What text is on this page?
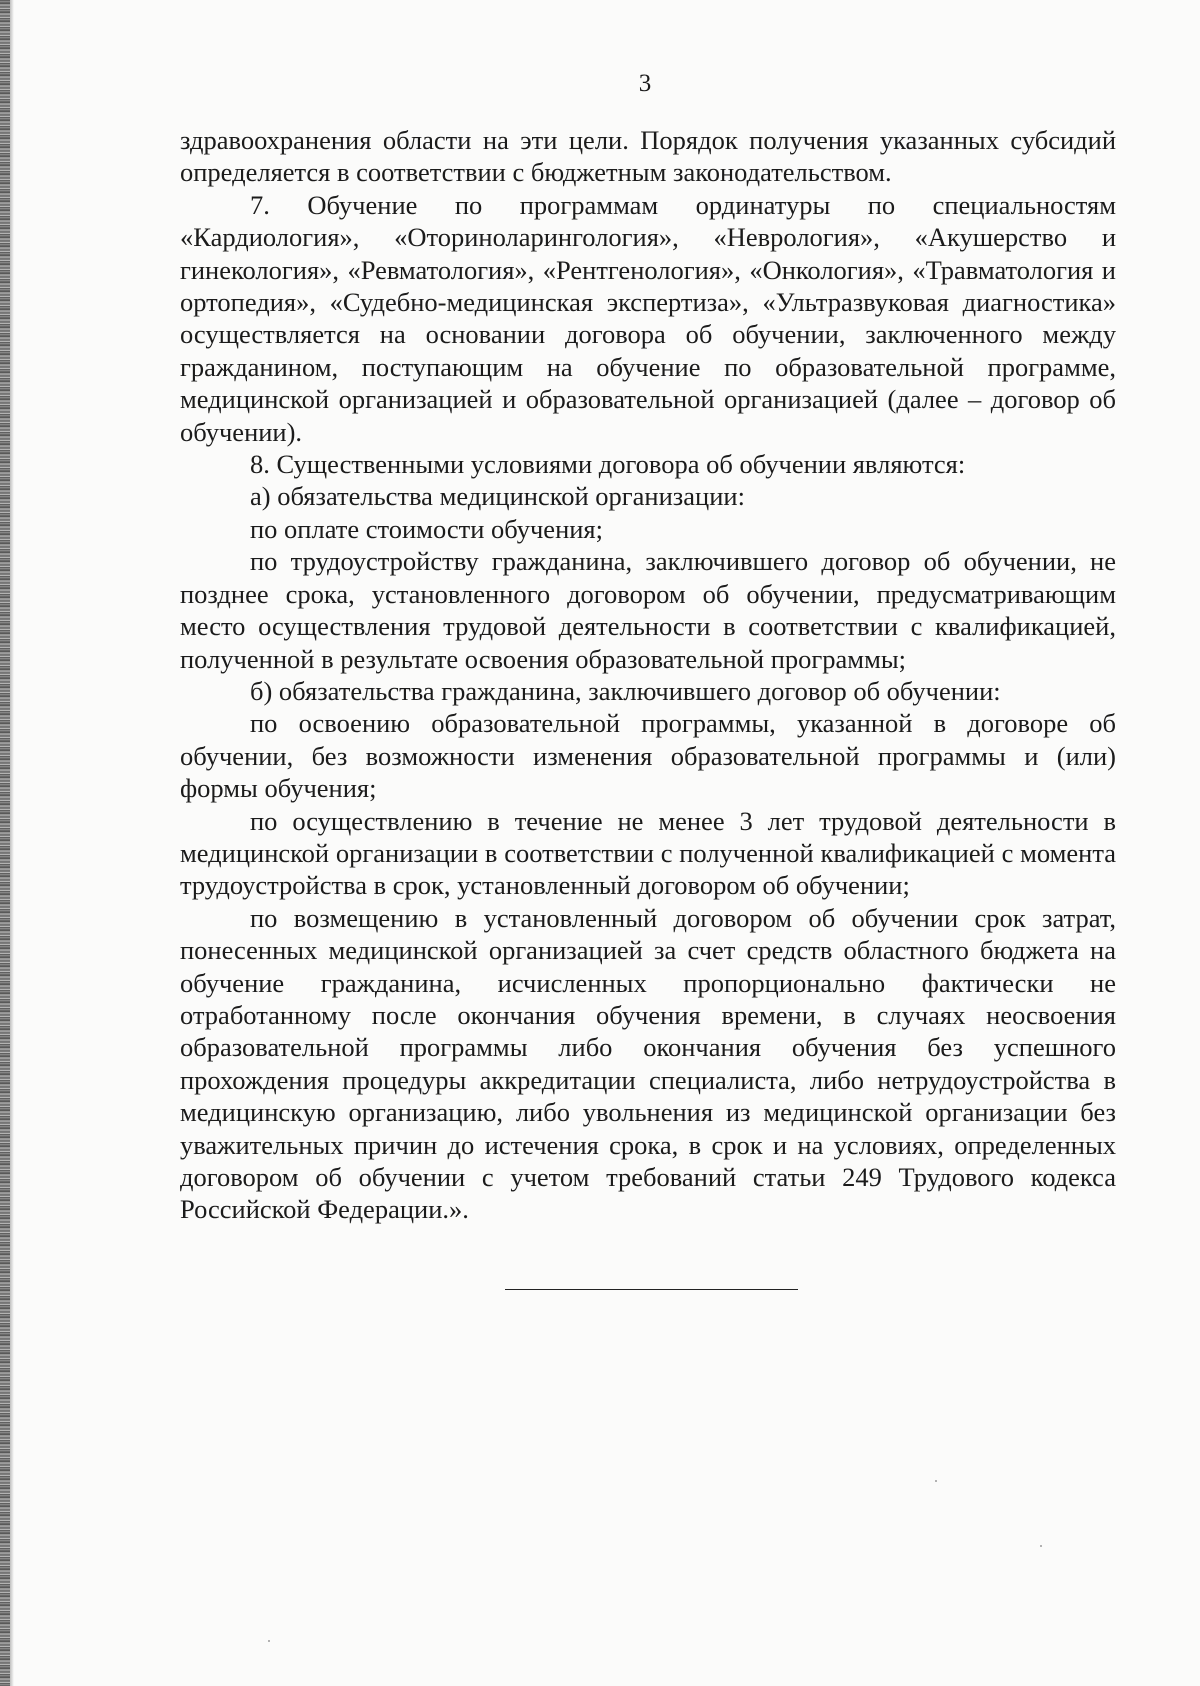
3

здравоохранения области на эти цели. Порядок получения указанных субсидий определяется в соответствии с бюджетным законодательством.

7. Обучение по программам ординатуры по специальностям «Кардиология», «Оториноларингология», «Неврология», «Акушерство и гинекология», «Ревматология», «Рентгенология», «Онкология», «Травматология и ортопедия», «Судебно-медицинская экспертиза», «Ультразвуковая диагностика» осуществляется на основании договора об обучении, заключенного между гражданином, поступающим на обучение по образовательной программе, медицинской организацией и образовательной организацией (далее – договор об обучении).

8. Существенными условиями договора об обучении являются:

а) обязательства медицинской организации:

по оплате стоимости обучения;

по трудоустройству гражданина, заключившего договор об обучении, не позднее срока, установленного договором об обучении, предусматривающим место осуществления трудовой деятельности в соответствии с квалификацией, полученной в результате освоения образовательной программы;

б) обязательства гражданина, заключившего договор об обучении:

по освоению образовательной программы, указанной в договоре об обучении, без возможности изменения образовательной программы и (или) формы обучения;

по осуществлению в течение не менее 3 лет трудовой деятельности в медицинской организации в соответствии с полученной квалификацией с момента трудоустройства в срок, установленный договором об обучении;

по возмещению в установленный договором об обучении срок затрат, понесенных медицинской организацией за счет средств областного бюджета на обучение гражданина, исчисленных пропорционально фактически не отработанному после окончания обучения времени, в случаях неосвоения образовательной программы либо окончания обучения без успешного прохождения процедуры аккредитации специалиста, либо нетрудоустройства в медицинскую организацию, либо увольнения из медицинской организации без уважительных причин до истечения срока, в срок и на условиях, определенных договором об обучении с учетом требований статьи 249 Трудового кодекса Российской Федерации.».
